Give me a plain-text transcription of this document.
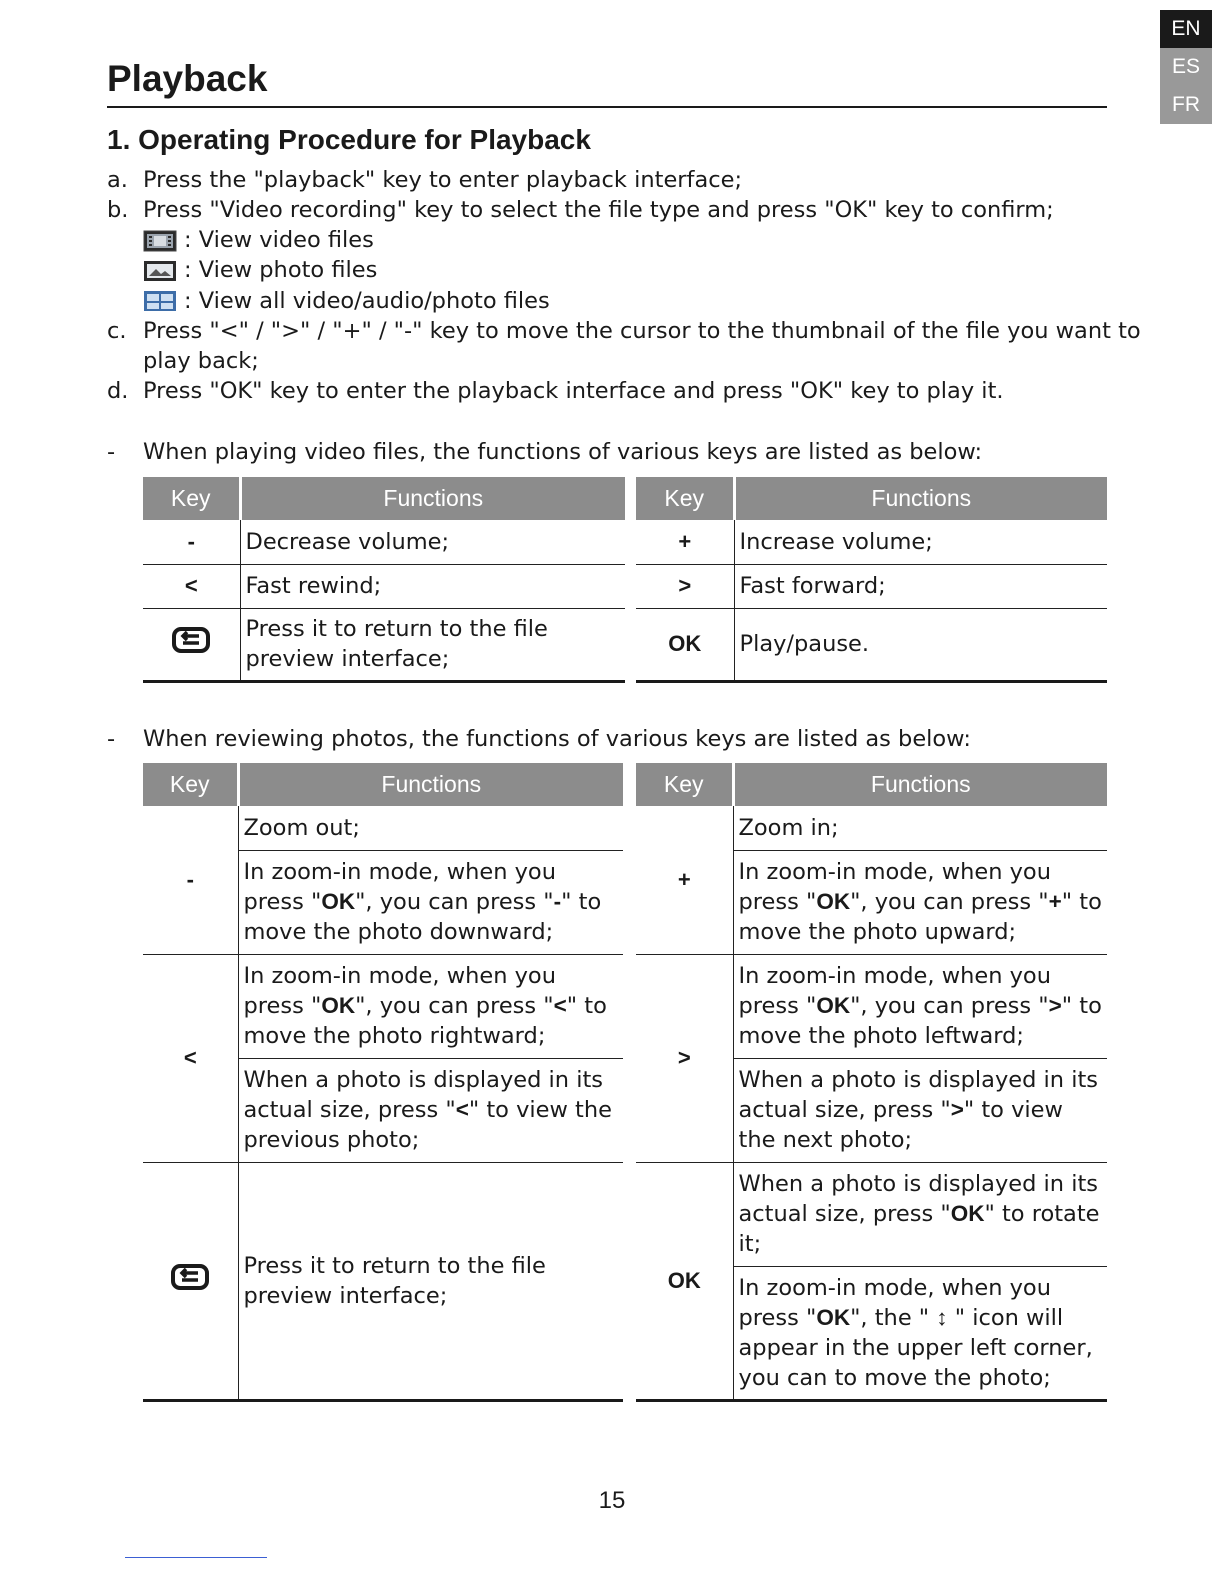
EN
ES
FR
Playback
1. Operating Procedure for Playback
a. Press the "playback" key to enter playback interface;
b. Press "Video recording" key to select the file type and press "OK" key to confirm;
: View video files
: View photo files
: View all video/audio/photo files
c. Press "<" / ">" / "+" / "-" key to move the cursor to the thumbnail of the file you want to
play back;
d. Press "OK" key to enter the playback interface and press "OK" key to play it.
- When playing video files, the functions of various keys are listed as below:
Key	Functions		Key	Functions
-	Decrease volume;		+	Increase volume;
<	Fast rewind;		>	Fast forward;
	Press it to return to the file preview interface;		OK	Play/pause.
- When reviewing photos, the functions of various keys are listed as below:
Key	Functions		Key	Functions
-	Zoom out;		+	Zoom in;
	In zoom-in mode, when you press "OK", you can press "-" to move the photo downward;			In zoom-in mode, when you press "OK", you can press "+" to move the photo upward;
<	In zoom-in mode, when you press "OK", you can press "<" to move the photo rightward;		>	In zoom-in mode, when you press "OK", you can press ">" to move the photo leftward;
	When a photo is displayed in its actual size, press "<" to view the previous photo;			When a photo is displayed in its actual size, press ">" to view the next photo;
	Press it to return to the file preview interface;		OK	When a photo is displayed in its actual size, press "OK" to rotate it;
				In zoom-in mode, when you press "OK", the " ↕ " icon will appear in the upper left corner, you can to move the photo;
15
